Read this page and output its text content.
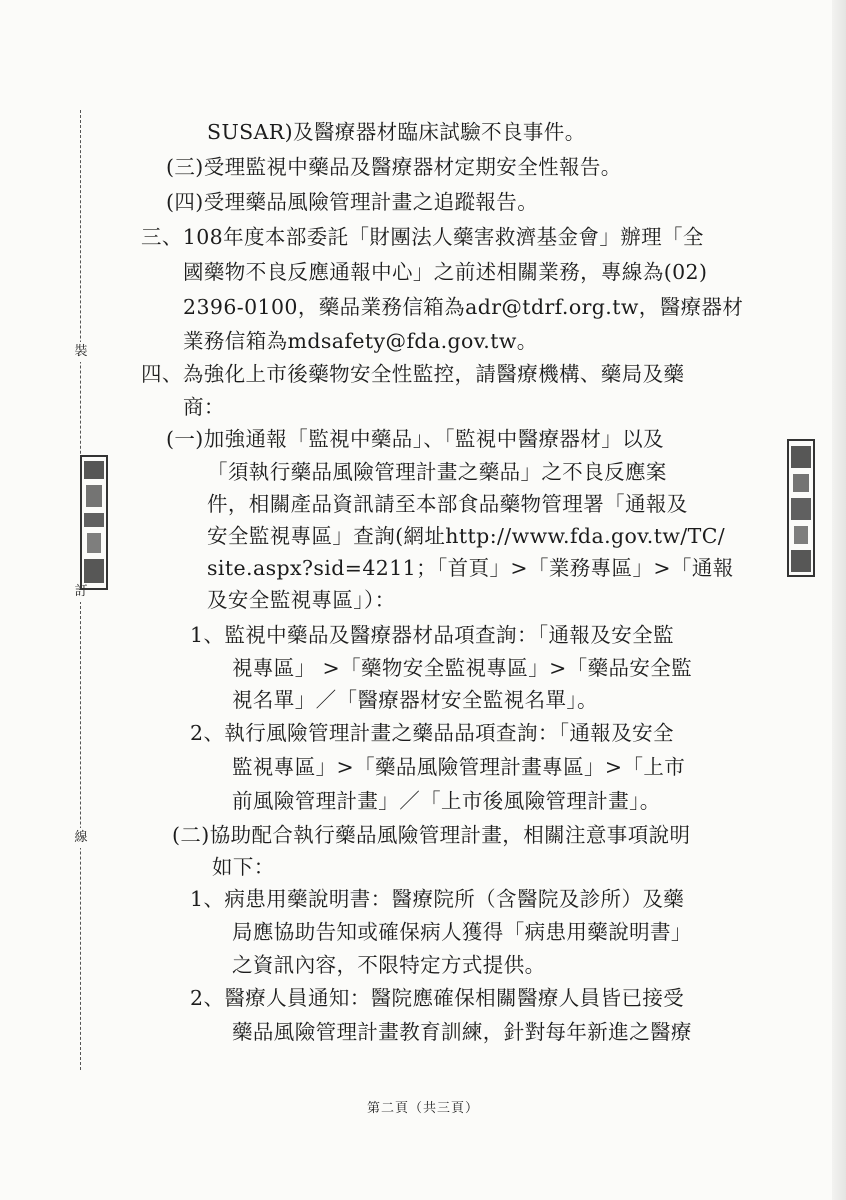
裝
訂
線
SUSAR)及醫療器材臨床試驗不良事件。
(三)受理監視中藥品及醫療器材定期安全性報告。
(四)受理藥品風險管理計畫之追蹤報告。
三、108年度本部委託「財團法人藥害救濟基金會」辦理「全
國藥物不良反應通報中心」之前述相關業務，專線為(02)
2396-0100，藥品業務信箱為adr@tdrf.org.tw，醫療器材
業務信箱為mdsafety@fda.gov.tw。
四、為強化上市後藥物安全性監控，請醫療機構、藥局及藥
商：
(一)加強通報「監視中藥品」、「監視中醫療器材」以及
「須執行藥品風險管理計畫之藥品」之不良反應案
件，相關產品資訊請至本部食品藥物管理署「通報及
安全監視專區」查詢(網址http://www.fda.gov.tw/TC/
site.aspx?sid=4211；「首頁」>「業務專區」>「通報
及安全監視專區」）：
1、監視中藥品及醫療器材品項查詢：「通報及安全監
視專區」 >「藥物安全監視專區」>「藥品安全監
視名單」／「醫療器材安全監視名單」。
2、執行風險管理計畫之藥品品項查詢：「通報及安全
監視專區」>「藥品風險管理計畫專區」>「上市
前風險管理計畫」／「上市後風險管理計畫」。
(二)協助配合執行藥品風險管理計畫，相關注意事項說明
如下：
1、病患用藥說明書：醫療院所（含醫院及診所）及藥
局應協助告知或確保病人獲得「病患用藥說明書」
之資訊內容，不限特定方式提供。
2、醫療人員通知：醫院應確保相關醫療人員皆已接受
藥品風險管理計畫教育訓練，針對每年新進之醫療
第二頁（共三頁）
